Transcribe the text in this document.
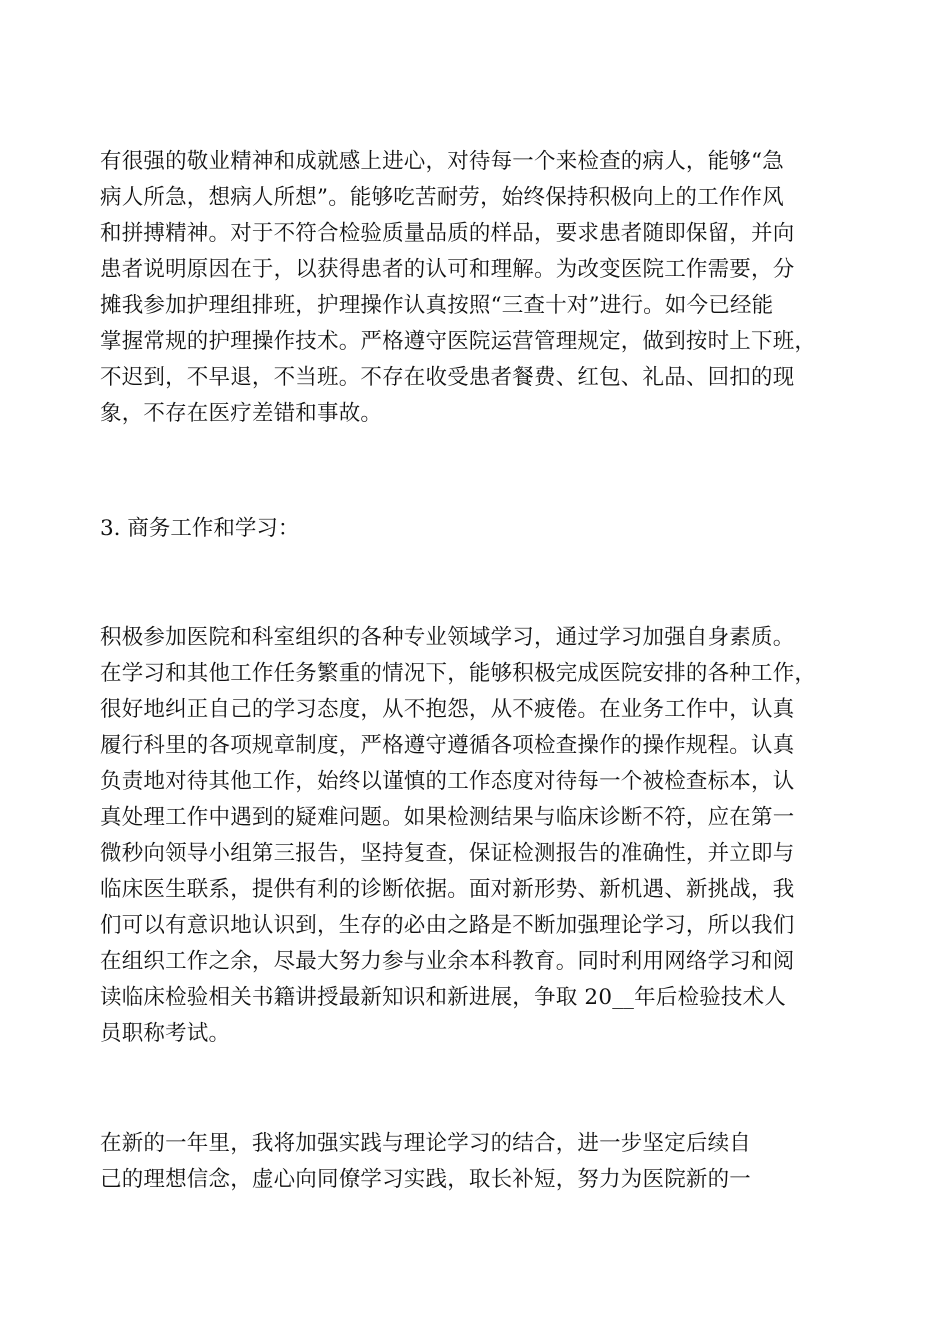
有很强的敬业精神和成就感上进心，对待每一个来检查的病人，能够“急
病人所急，想病人所想”。能够吃苦耐劳，始终保持积极向上的工作作风
和拼搏精神。对于不符合检验质量品质的样品，要求患者随即保留，并向
患者说明原因在于，以获得患者的认可和理解。为改变医院工作需要，分
摊我参加护理组排班，护理操作认真按照“三查十对”进行。如今已经能
掌握常规的护理操作技术。严格遵守医院运营管理规定，做到按时上下班，
不迟到，不早退，不当班。不存在收受患者餐费、红包、礼品、回扣的现
象，不存在医疗差错和事故。
3. 商务工作和学习：
积极参加医院和科室组织的各种专业领域学习，通过学习加强自身素质。
在学习和其他工作任务繁重的情况下，能够积极完成医院安排的各种工作，
很好地纠正自己的学习态度，从不抱怨，从不疲倦。在业务工作中，认真
履行科里的各项规章制度，严格遵守遵循各项检查操作的操作规程。认真
负责地对待其他工作，始终以谨慎的工作态度对待每一个被检查标本，认
真处理工作中遇到的疑难问题。如果检测结果与临床诊断不符，应在第一
微秒向领导小组第三报告，坚持复查，保证检测报告的准确性，并立即与
临床医生联系，提供有利的诊断依据。面对新形势、新机遇、新挑战，我
们可以有意识地认识到，生存的必由之路是不断加强理论学习，所以我们
在组织工作之余，尽最大努力参与业余本科教育。同时利用网络学习和阅
读临床检验相关书籍讲授最新知识和新进展，争取 20__年后检验技术人
员职称考试。
在新的一年里，我将加强实践与理论学习的结合，进一步坚定后续自
己的理想信念，虚心向同僚学习实践，取长补短，努力为医院新的一
